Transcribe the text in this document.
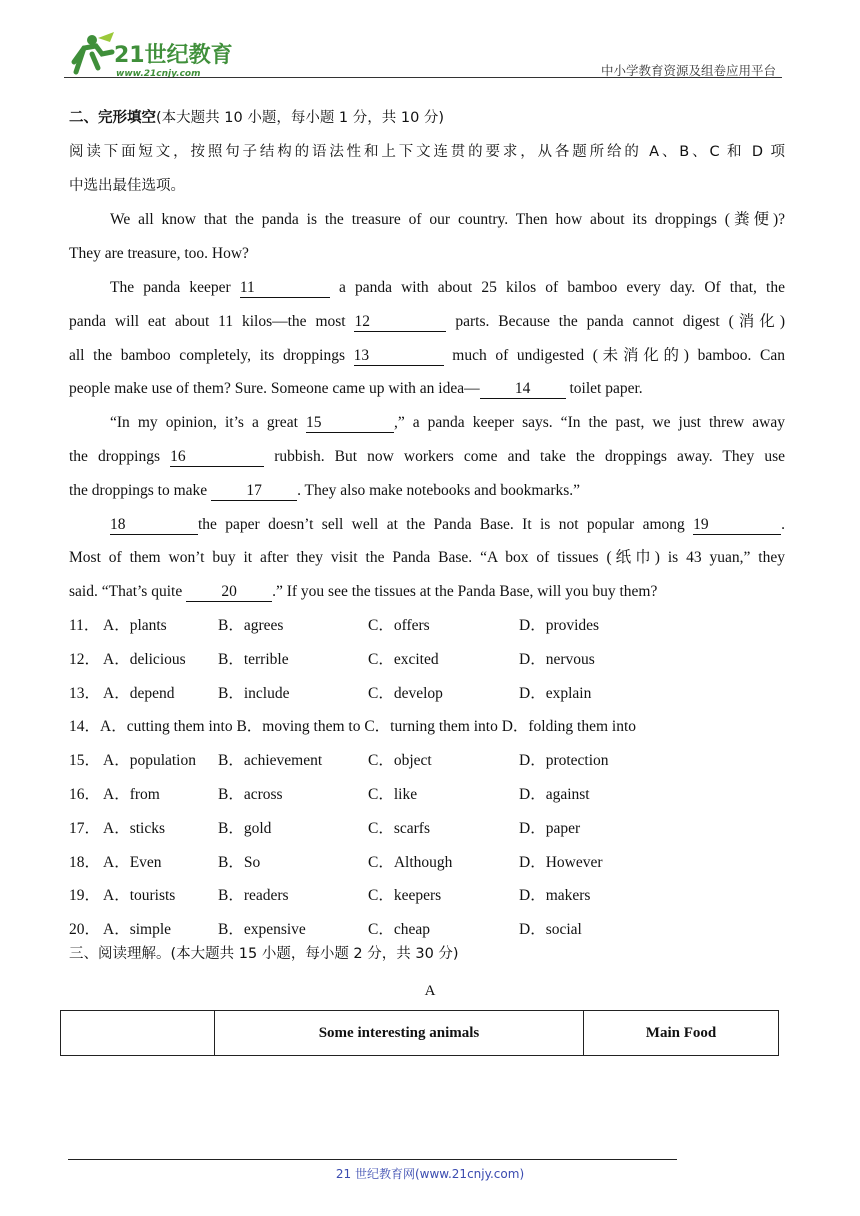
21世纪教育
www.21cnjy.com	中小学教育资源及组卷应用平台
二、完形填空(本大题共 10 小题，每小题 1 分，共 10 分)
阅读下面短文，按照句子结构的语法性和上下文连贯的要求，从各题所给的 A、B、C 和 D 项
中选出最佳选项。
We all know that the panda is the treasure of our country. Then how about its droppings (粪便)?
They are treasure, too. How?
The panda keeper 11	a panda with about 25 kilos of bamboo every day. Of that, the
panda will eat about 11 kilos—the most 12	parts. Because the panda cannot digest (消化)
all the bamboo completely, its droppings 13	much of undigested (未消化的) bamboo. Can
people make use of them? Sure. Someone came up with an idea— 14 toilet paper.
“In my opinion, it’s a great 15	,” a panda keeper says. “In the past, we just threw away
the droppings 16	rubbish. But now workers come and take the droppings away. They use
the droppings to make 17 . They also make notebooks and bookmarks.”
18	the paper doesn’t sell well at the Panda Base. It is not popular among 19	.
Most of them won’t buy it after they visit the Panda Base. “A box of tissues (纸巾) is 43 yuan,” they
said. “That’s quite 20 .” If you see the tissues at the Panda Base, will you buy them?
11． A．plants	B．agrees	C．offers	D．provides
12． A．delicious B．terrible	C．excited	D．nervous
13． A．depend	B．include	C．develop	D．explain
14．A．cutting them into B．moving them to C．turning them into D．folding them into
15． A．population B．achievement	C．object	D．protection
16． A．from	B．across	C．like	D．against
17． A．sticks	B．gold	C．scarfs	D．paper
18． A．Even	B．So	C．Although	D．However
19． A．tourists	B．readers	C．keepers	D．makers
20． A．simple	B．expensive	C．cheap	D．social
三、阅读理解。(本大题共 15 小题，每小题 2 分，共 30 分)
A
	Some interesting animals	Main Food
21 世纪教育网(www.21cnjy.com)
